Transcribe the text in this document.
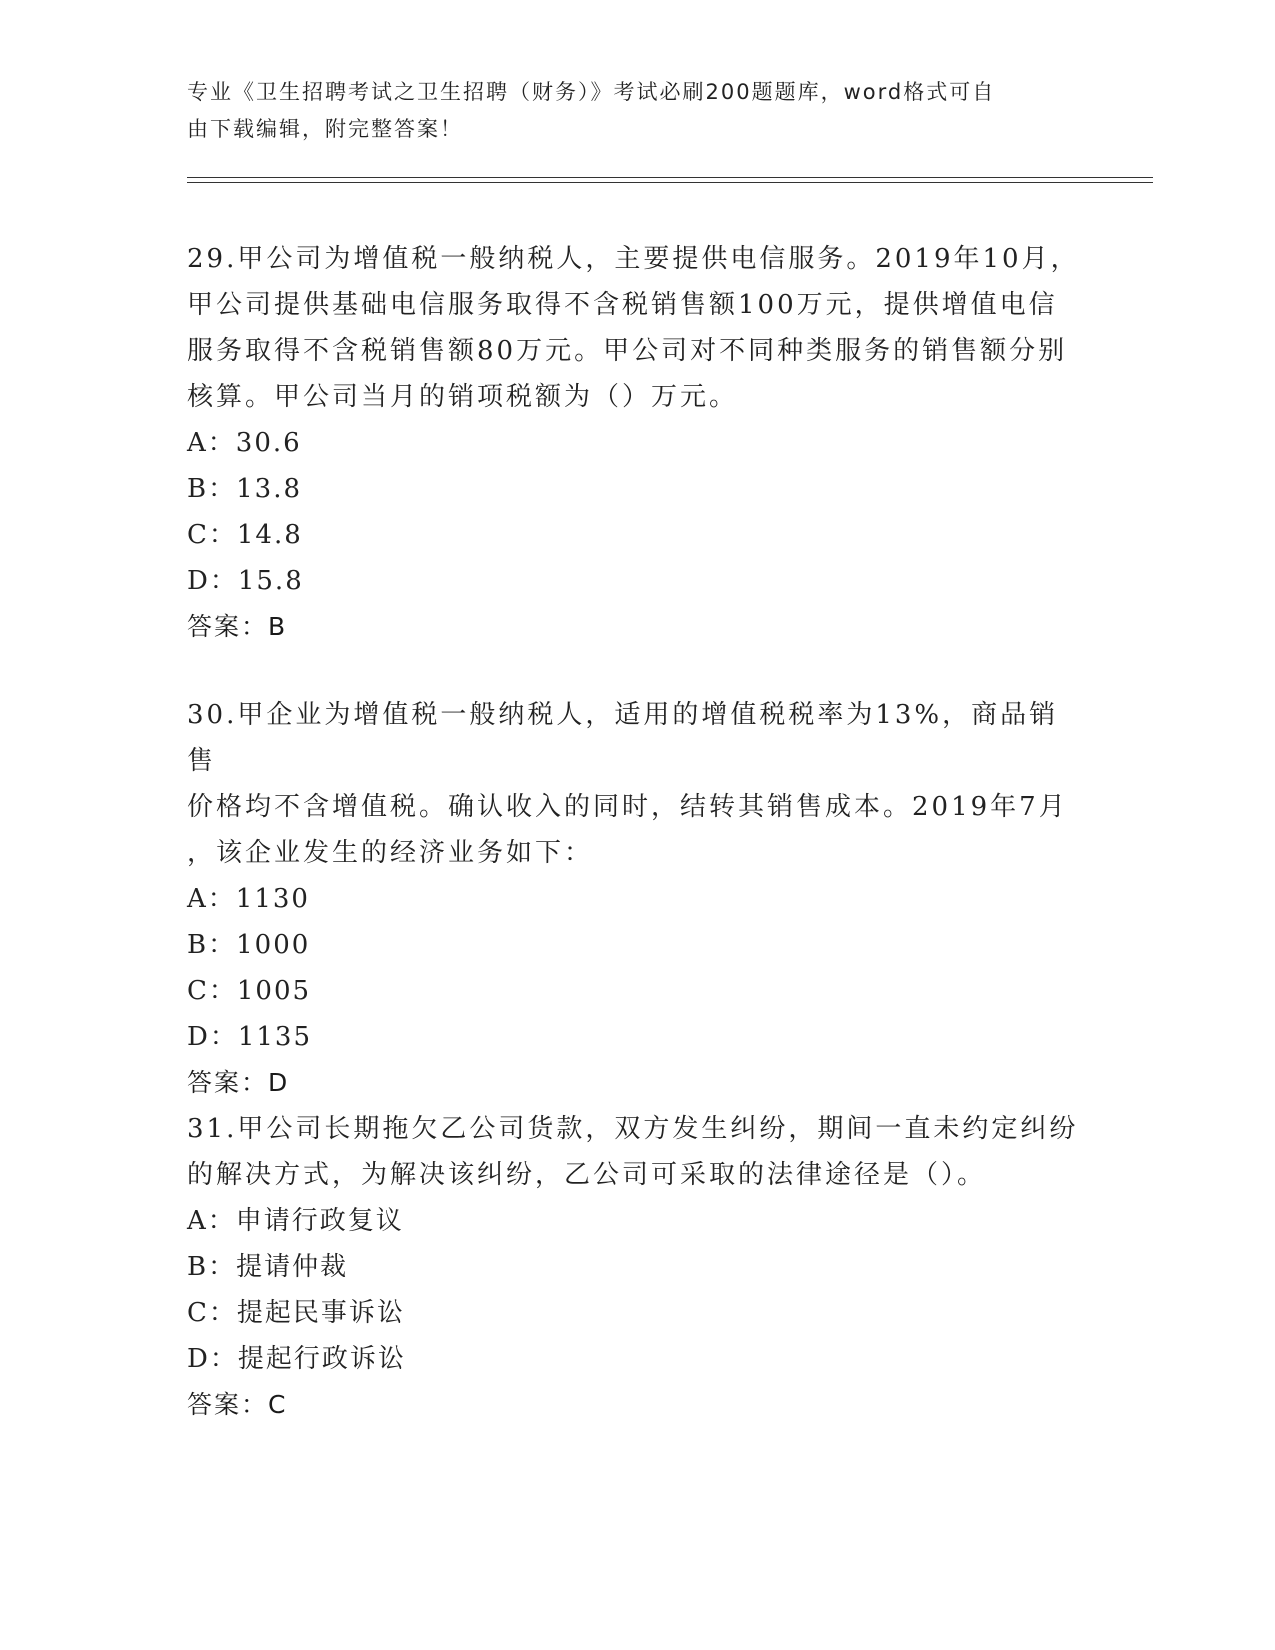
专业《卫生招聘考试之卫生招聘（财务）》考试必刷200题题库，word格式可自
由下载编辑，附完整答案！
29.甲公司为增值税一般纳税人，主要提供电信服务。2019年10月，
甲公司提供基础电信服务取得不含税销售额100万元，提供增值电信
服务取得不含税销售额80万元。甲公司对不同种类服务的销售额分别
核算。甲公司当月的销项税额为（）万元。
A：30.6
B：13.8
C：14.8
D：15.8
答案：B
30.甲企业为增值税一般纳税人，适用的增值税税率为13%，商品销售
价格均不含增值税。确认收入的同时，结转其销售成本。2019年7月
，该企业发生的经济业务如下：
A：1130
B：1000
C：1005
D：1135
答案：D
31.甲公司长期拖欠乙公司货款，双方发生纠纷，期间一直未约定纠纷
的解决方式，为解决该纠纷，乙公司可采取的法律途径是（）。
A：申请行政复议
B：提请仲裁
C：提起民事诉讼
D：提起行政诉讼
答案：C
